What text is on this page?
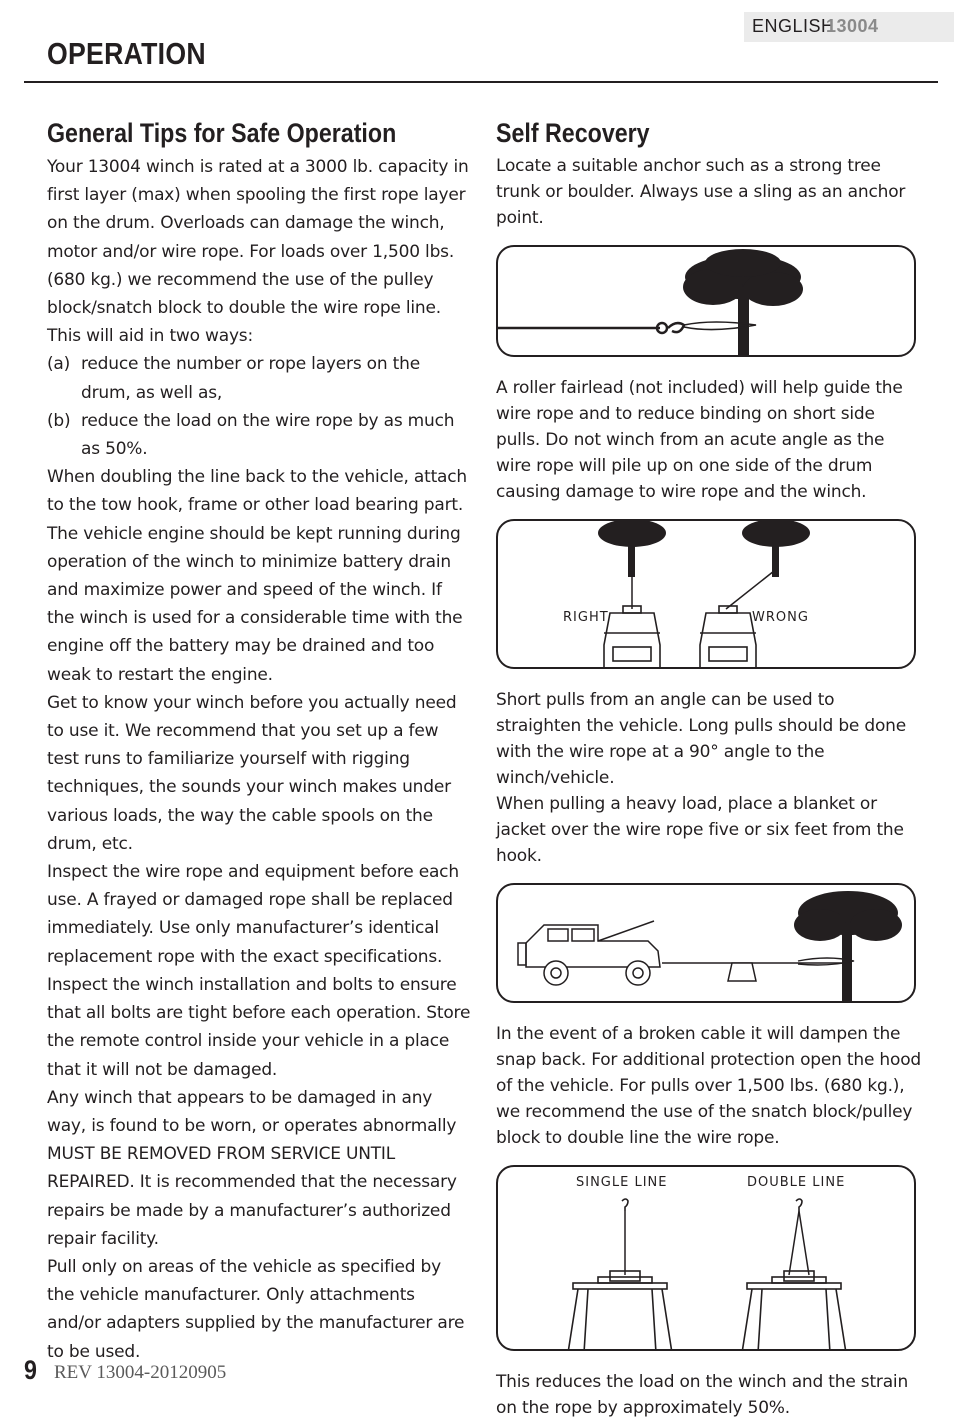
ENGLISH
13004
OPERATION
General Tips for Safe Operation

Your 13004 winch is rated at a 3000 lb. capacity in first layer (max) when spooling the first rope layer on the drum. Overloads can damage the winch, motor and/or wire rope. For loads over 1,500 lbs. (680 kg.) we recommend the use of the pulley block/snatch block to double the wire rope line. This will aid in two ways:

(a) reduce the number or rope layers on the drum, as well as,
(b) reduce the load on the wire rope by as much as 50%.

When doubling the line back to the vehicle, attach to the tow hook, frame or other load bearing part. The vehicle engine should be kept running during operation of the winch to minimize battery drain and maximize power and speed of the winch. If the winch is used for a considerable time with the engine off the battery may be drained and too weak to restart the engine.

Get to know your winch before you actually need to use it. We recommend that you set up a few test runs to familiarize yourself with rigging techniques, the sounds your winch makes under various loads, the way the cable spools on the drum, etc.

Inspect the wire rope and equipment before each use. A frayed or damaged rope shall be replaced immediately. Use only manufacturer’s identical replacement rope with the exact specifications.

Inspect the winch installation and bolts to ensure that all bolts are tight before each operation. Store the remote control inside your vehicle in a place that it will not be damaged.

Any winch that appears to be damaged in any way, is found to be worn, or operates abnormally MUST BE REMOVED FROM SERVICE UNTIL REPAIRED. It is recommended that the necessary repairs be made by a manufacturer’s authorized repair facility.

Pull only on areas of the vehicle as specified by the vehicle manufacturer. Only attachments and/or adapters supplied by the manufacturer are to be used.

Self Recovery

Locate a suitable anchor such as a strong tree trunk or boulder. Always use a sling as an anchor point.

A roller fairlead (not included) will help guide the wire rope and to reduce binding on short side pulls. Do not winch from an acute angle as the wire rope will pile up on one side of the drum causing damage to wire rope and the winch.

RIGHT	WRONG

Short pulls from an angle can be used to straighten the vehicle. Long pulls should be done with the wire rope at a 90° angle to the winch/vehicle.

When pulling a heavy load, place a blanket or jacket over the wire rope five or six feet from the hook.

In the event of a broken cable it will dampen the snap back. For additional protection open the hood of the vehicle. For pulls over 1,500 lbs. (680 kg.), we recommend the use of the snatch block/pulley block to double line the wire rope.

SINGLE LINE	DOUBLE LINE

This reduces the load on the winch and the strain on the rope by approximately 50%.

9 REV 13004-20120905
